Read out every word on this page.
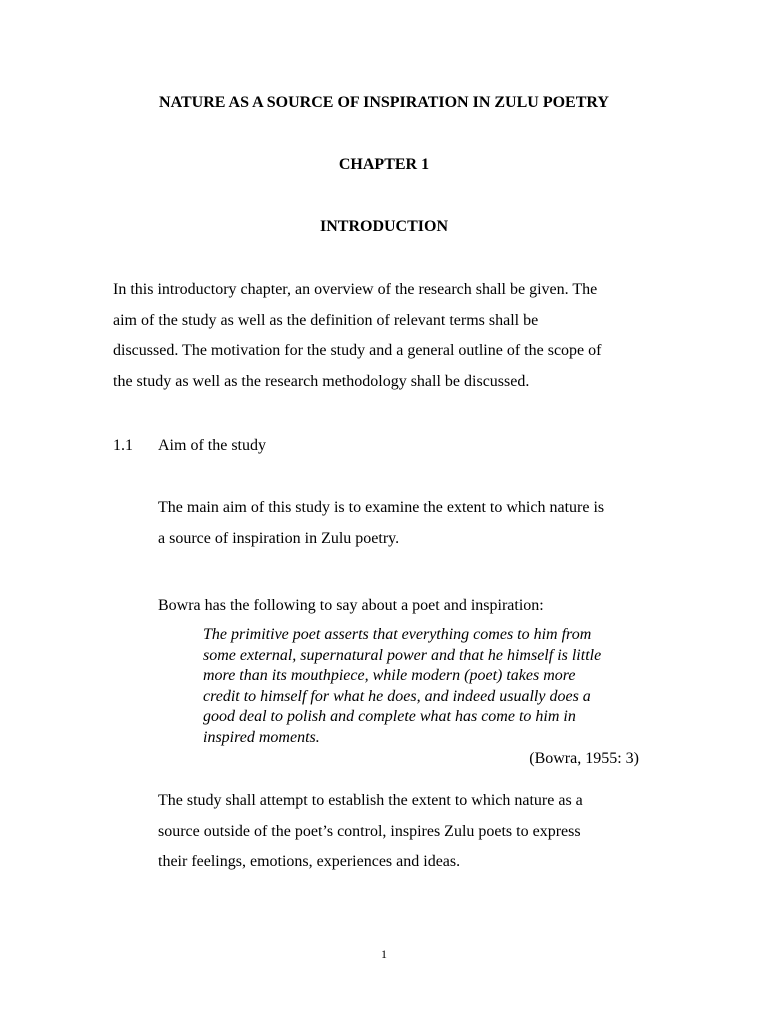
NATURE AS A SOURCE OF INSPIRATION IN ZULU POETRY
CHAPTER 1
INTRODUCTION
In this introductory chapter, an overview of the research shall be given. The
aim of the study as well as the definition of relevant terms shall be
discussed. The motivation for the study and a general outline of the scope of
the study as well as the research methodology shall be discussed.
1.1 Aim of the study
The main aim of this study is to examine the extent to which nature is
a source of inspiration in Zulu poetry.
Bowra has the following to say about a poet and inspiration:
The primitive poet asserts that everything comes to him from
some external, supernatural power and that he himself is little
more than its mouthpiece, while modern (poet) takes more
credit to himself for what he does, and indeed usually does a
good deal to polish and complete what has come to him in
inspired moments.
(Bowra, 1955: 3)
The study shall attempt to establish the extent to which nature as a
source outside of the poet’s control, inspires Zulu poets to express
their feelings, emotions, experiences and ideas.
1
